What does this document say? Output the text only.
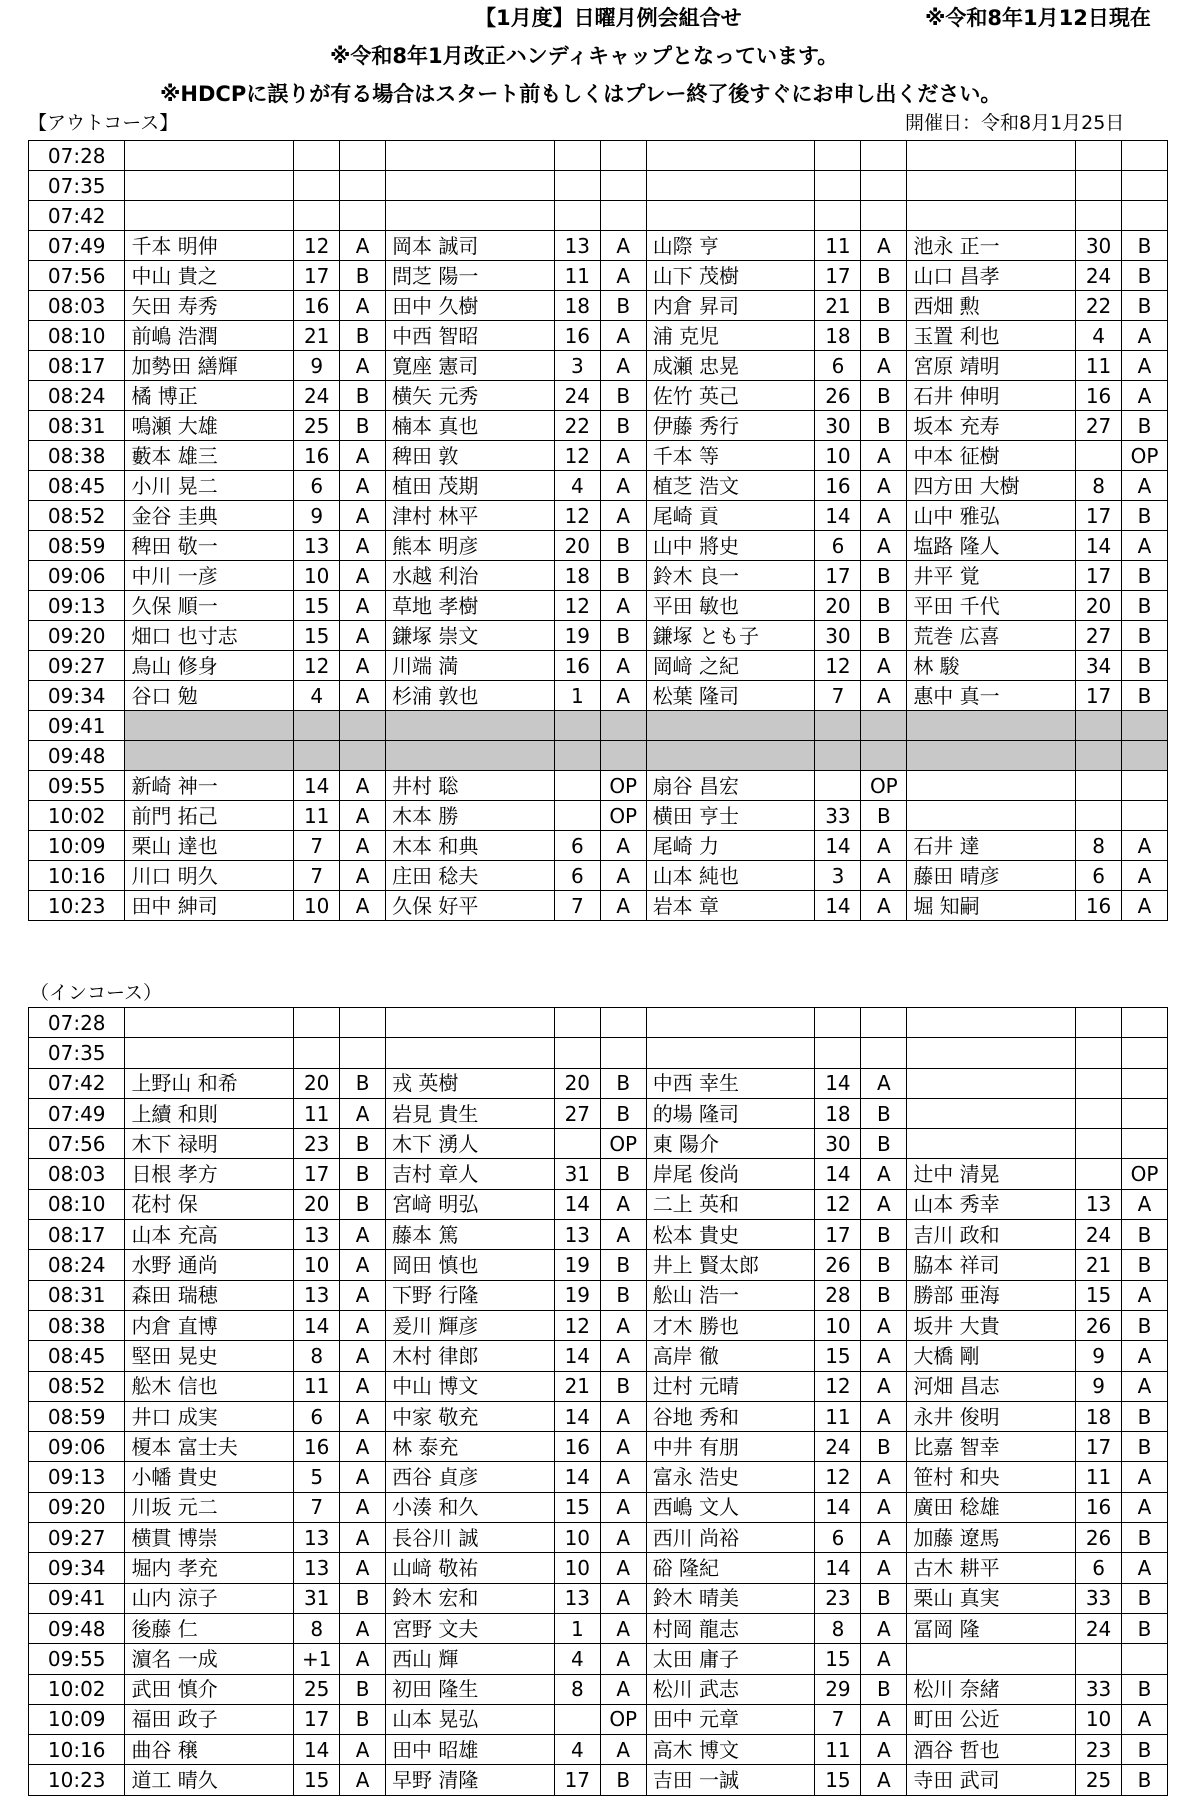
【1月度】日曜月例会組合せ	※令和8年1月12日現在
※令和8年1月改正ハンディキャップとなっています。
※HDCPに誤りが有る場合はスタート前もしくはプレー終了後すぐにお申し出ください。
【アウトコース】	開催日：令和8月1月25日
07:28												
07:35												
07:42												
07:49	千本 明伸	12	A	岡本 誠司	13	A	山際 亨	11	A	池永 正一	30	B
07:56	中山 貴之	17	B	問芝 陽一	11	A	山下 茂樹	17	B	山口 昌孝	24	B
08:03	矢田 寿秀	16	A	田中 久樹	18	B	内倉 昇司	21	B	西畑 勲	22	B
08:10	前嶋 浩潤	21	B	中西 智昭	16	A	浦 克児	18	B	玉置 利也	4	A
08:17	加勢田 繕輝	9	A	寛座 憲司	3	A	成瀬 忠晃	6	A	宮原 靖明	11	A
08:24	橘 博正	24	B	横矢 元秀	24	B	佐竹 英己	26	B	石井 伸明	16	A
08:31	鳴瀬 大雄	25	B	楠本 真也	22	B	伊藤 秀行	30	B	坂本 充寿	27	B
08:38	藪本 雄三	16	A	稗田 敦	12	A	千本 等	10	A	中本 征樹		OP
08:45	小川 晃二	6	A	植田 茂期	4	A	植芝 浩文	16	A	四方田 大樹	8	A
08:52	金谷 圭典	9	A	津村 林平	12	A	尾崎 貢	14	A	山中 雅弘	17	B
08:59	稗田 敬一	13	A	熊本 明彦	20	B	山中 將史	6	A	塩路 隆人	14	A
09:06	中川 一彦	10	A	水越 利治	18	B	鈴木 良一	17	B	井平 覚	17	B
09:13	久保 順一	15	A	草地 孝樹	12	A	平田 敏也	20	B	平田 千代	20	B
09:20	畑口 也寸志	15	A	鎌塚 崇文	19	B	鎌塚 とも子	30	B	荒巻 広喜	27	B
09:27	鳥山 修身	12	A	川端 満	16	A	岡﨑 之紀	12	A	林 駿	34	B
09:34	谷口 勉	4	A	杉浦 敦也	1	A	松葉 隆司	7	A	惠中 真一	17	B
09:41												
09:48												
09:55	新崎 神一	14	A	井村 聡		OP	扇谷 昌宏		OP			
10:02	前門 拓己	11	A	木本 勝		OP	横田 亨士	33	B			
10:09	栗山 達也	7	A	木本 和典	6	A	尾崎 力	14	A	石井 達	8	A
10:16	川口 明久	7	A	庄田 稔夫	6	A	山本 純也	3	A	藤田 晴彦	6	A
10:23	田中 紳司	10	A	久保 好平	7	A	岩本 章	14	A	堀 知嗣	16	A
（インコース）
07:28												
07:35												
07:42	上野山 和希	20	B	戎 英樹	20	B	中西 幸生	14	A			
07:49	上續 和則	11	A	岩見 貴生	27	B	的場 隆司	18	B			
07:56	木下 禄明	23	B	木下 湧人		OP	東 陽介	30	B			
08:03	日根 孝方	17	B	吉村 章人	31	B	岸尾 俊尚	14	A	辻中 清晃		OP
08:10	花村 保	20	B	宮﨑 明弘	14	A	二上 英和	12	A	山本 秀幸	13	A
08:17	山本 充高	13	A	藤本 篤	13	A	松本 貴史	17	B	吉川 政和	24	B
08:24	水野 通尚	10	A	岡田 慎也	19	B	井上 賢太郎	26	B	脇本 祥司	21	B
08:31	森田 瑞穂	13	A	下野 行隆	19	B	舩山 浩一	28	B	勝部 亜海	15	A
08:38	内倉 直博	14	A	爰川 輝彦	12	A	才木 勝也	10	A	坂井 大貴	26	B
08:45	堅田 晃史	8	A	木村 律郎	14	A	高岸 徹	15	A	大橋 剛	9	A
08:52	舩木 信也	11	A	中山 博文	21	B	辻村 元晴	12	A	河畑 昌志	9	A
08:59	井口 成実	6	A	中家 敬充	14	A	谷地 秀和	11	A	永井 俊明	18	B
09:06	榎本 富士夫	16	A	林 泰充	16	A	中井 有朋	24	B	比嘉 智幸	17	B
09:13	小幡 貴史	5	A	西谷 貞彦	14	A	富永 浩史	12	A	笹村 和央	11	A
09:20	川坂 元二	7	A	小湊 和久	15	A	西嶋 文人	14	A	廣田 稔雄	16	A
09:27	横貫 博崇	13	A	長谷川 誠	10	A	西川 尚裕	6	A	加藤 遼馬	26	B
09:34	堀内 孝充	13	A	山﨑 敬祐	10	A	硲 隆紀	14	A	古木 耕平	6	A
09:41	山内 涼子	31	B	鈴木 宏和	13	A	鈴木 晴美	23	B	栗山 真実	33	B
09:48	後藤 仁	8	A	宮野 文夫	1	A	村岡 龍志	8	A	冨岡 隆	24	B
09:55	濵名 一成	+1	A	西山 輝	4	A	太田 庸子	15	A			
10:02	武田 慎介	25	B	初田 隆生	8	A	松川 武志	29	B	松川 奈緒	33	B
10:09	福田 政子	17	B	山本 晃弘		OP	田中 元章	7	A	町田 公近	10	A
10:16	曲谷 穣	14	A	田中 昭雄	4	A	高木 博文	11	A	酒谷 哲也	23	B
10:23	道工 晴久	15	A	早野 清隆	17	B	吉田 一誠	15	A	寺田 武司	25	B
